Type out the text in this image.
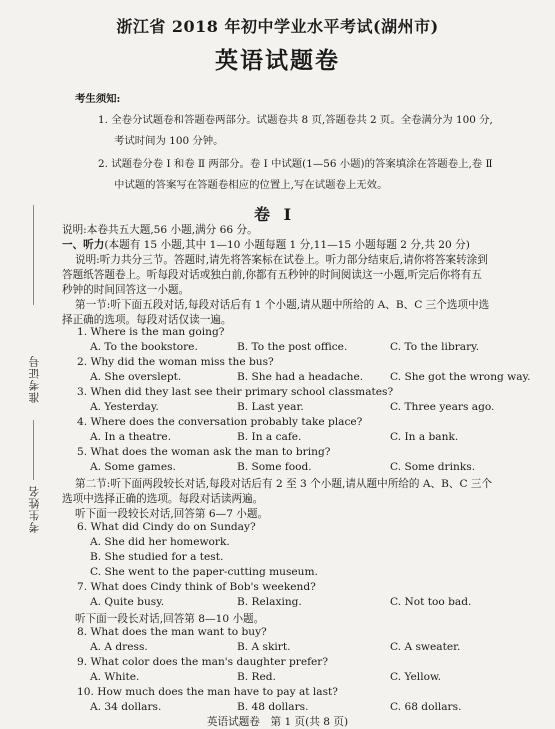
浙江省 2018 年初中学业水平考试(湖州市)
英语试题卷
考生须知:
1. 全卷分试题卷和答题卷两部分。试题卷共 8 页,答题卷共 2 页。全卷满分为 100 分,
考试时间为 100 分钟。
2. 试题卷分卷 Ⅰ 和卷 Ⅱ 两部分。卷 Ⅰ 中试题(1—56 小题)的答案填涂在答题卷上,卷 Ⅱ
中试题的答案写在答题卷相应的位置上,写在试题卷上无效。
准考证号
考生姓名
卷 Ⅰ
说明:本卷共五大题,56 小题,满分 66 分。
一、听力(本题有 15 小题,其中 1—10 小题每题 1 分,11—15 小题每题 2 分,共 20 分)
说明:听力共分三节。答题时,请先将答案标在试卷上。听力部分结束后,请你将答案转涂到
答题纸答题卷上。听每段对话或独白前,你都有五秒钟的时间阅读这一小题,听完后你将有五
秒钟的时间回答这一小题。
第一节:听下面五段对话,每段对话后有 1 个小题,请从题中所给的 A、B、C 三个选项中选
择正确的选项。每段对话仅读一遍。
1. Where is the man going?
A. To the bookstore.	B. To the post office.	C. To the library.
2. Why did the woman miss the bus?
A. She overslept.	B. She had a headache.	C. She got the wrong way.
3. When did they last see their primary school classmates?
A. Yesterday.	B. Last year.	C. Three years ago.
4. Where does the conversation probably take place?
A. In a theatre.	B. In a cafe.	C. In a bank.
5. What does the woman ask the man to bring?
A. Some games.	B. Some food.	C. Some drinks.
第二节:听下面两段较长对话,每段对话后有 2 至 3 个小题,请从题中所给的 A、B、C 三个
选项中选择正确的选项。每段对话读两遍。
听下面一段较长对话,回答第 6—7 小题。
6. What did Cindy do on Sunday?
A. She did her homework.
B. She studied for a test.
C. She went to the paper-cutting museum.
7. What does Cindy think of Bob's weekend?
A. Quite busy.	B. Relaxing.	C. Not too bad.
听下面一段长对话,回答第 8—10 小题。
8. What does the man want to buy?
A. A dress.	B. A skirt.	C. A sweater.
9. What color does the man's daughter prefer?
A. White.	B. Red.	C. Yellow.
10. How much does the man have to pay at last?
A. 34 dollars.	B. 48 dollars.	C. 68 dollars.
英语试题卷　第 1 页(共 8 页)
